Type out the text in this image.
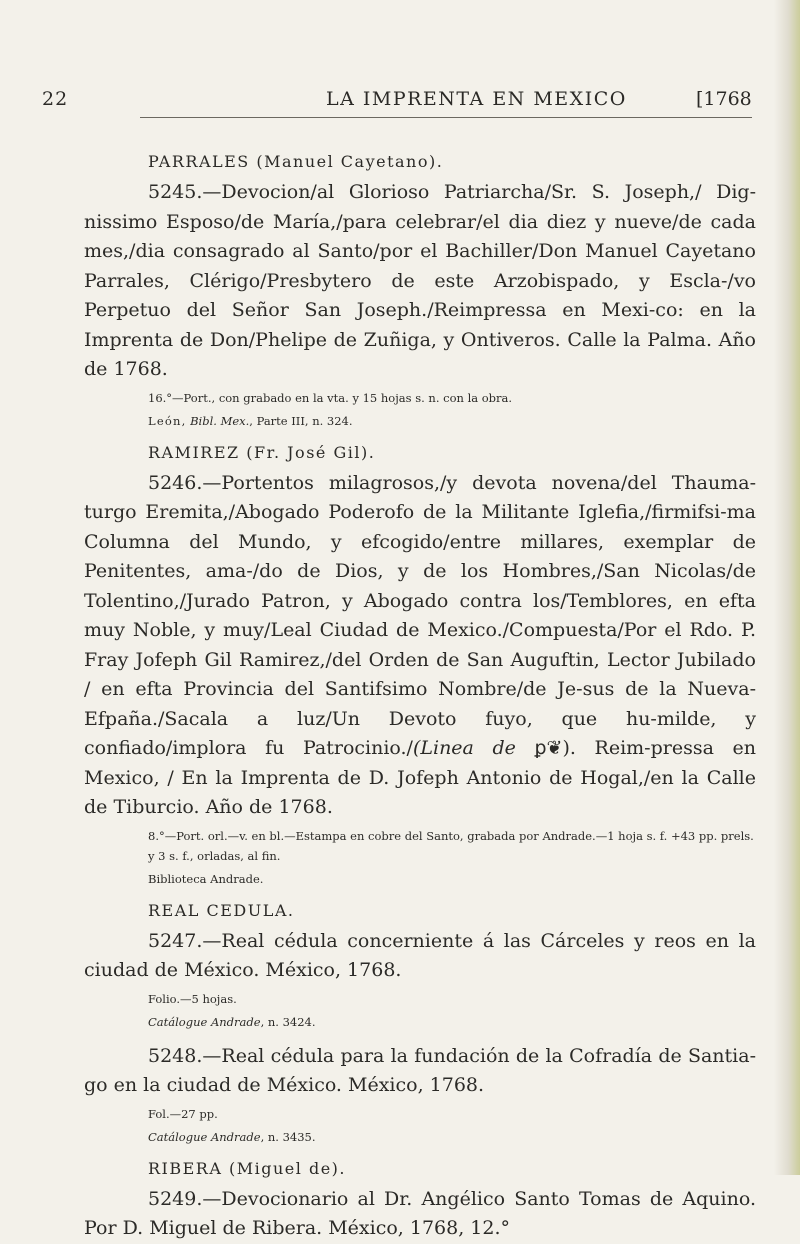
22	LA IMPRENTA EN MEXICO	[1768

PARRALES (Manuel Cayetano).

5245.—Devocion/al Glorioso Patriarcha/Sr. S. Joseph,/ Dig-nissimo Esposo/de María,/para celebrar/el dia diez y nueve/de cada mes,/dia consagrado al Santo/por el Bachiller/Don Manuel Cayetano Parrales, Clérigo/Presbytero de este Arzobispado, y Escla-/vo Perpetuo del Señor San Joseph./Reimpressa en Mexi-co: en la Imprenta de Don/Phelipe de Zuñiga, y Ontiveros. Calle la Palma. Año de 1768.

16.°—Port., con grabado en la vta. y 15 hojas s. n. con la obra.

León, Bibl. Mex., Parte III, n. 324.

RAMIREZ (Fr. José Gil).

5246.—Portentos milagrosos,/y devota novena/del Thauma-turgo Eremita,/Abogado Poderofo de la Militante Iglefia,/firmifsi-ma Columna del Mundo, y efcogido/entre millares, exemplar de Penitentes, ama-/do de Dios, y de los Hombres,/San Nicolas/de Tolentino,/Jurado Patron, y Abogado contra los/Temblores, en efta muy Noble, y muy/Leal Ciudad de Mexico./Compuesta/Por el Rdo. P. Fray Jofeph Gil Ramirez,/del Orden de San Auguftin, Lector Jubilado / en efta Provincia del Santifsimo Nombre/de Je-sus de la Nueva-Efpaña./Sacala a luz/Un Devoto fuyo, que hu-milde, y confiado/implora fu Patrocinio./(Linea de ꝑ❦). Reim-pressa en Mexico, / En la Imprenta de D. Jofeph Antonio de Hogal,/en la Calle de Tiburcio. Año de 1768.

8.°—Port. orl.—v. en bl.—Estampa en cobre del Santo, grabada por Andrade.—1 hoja s. f. +43 pp. prels. y 3 s. f., orladas, al fin.

Biblioteca Andrade.

REAL CEDULA.

5247.—Real cédula concerniente á las Cárceles y reos en la ciudad de México. México, 1768.

Folio.—5 hojas.

Catálogue Andrade, n. 3424.

5248.—Real cédula para la fundación de la Cofradía de Santia-go en la ciudad de México. México, 1768.

Fol.—27 pp.

Catálogue Andrade, n. 3435.

RIBERA (Miguel de).

5249.—Devocionario al Dr. Angélico Santo Tomas de Aquino. Por D. Miguel de Ribera. México, 1768, 12.°
